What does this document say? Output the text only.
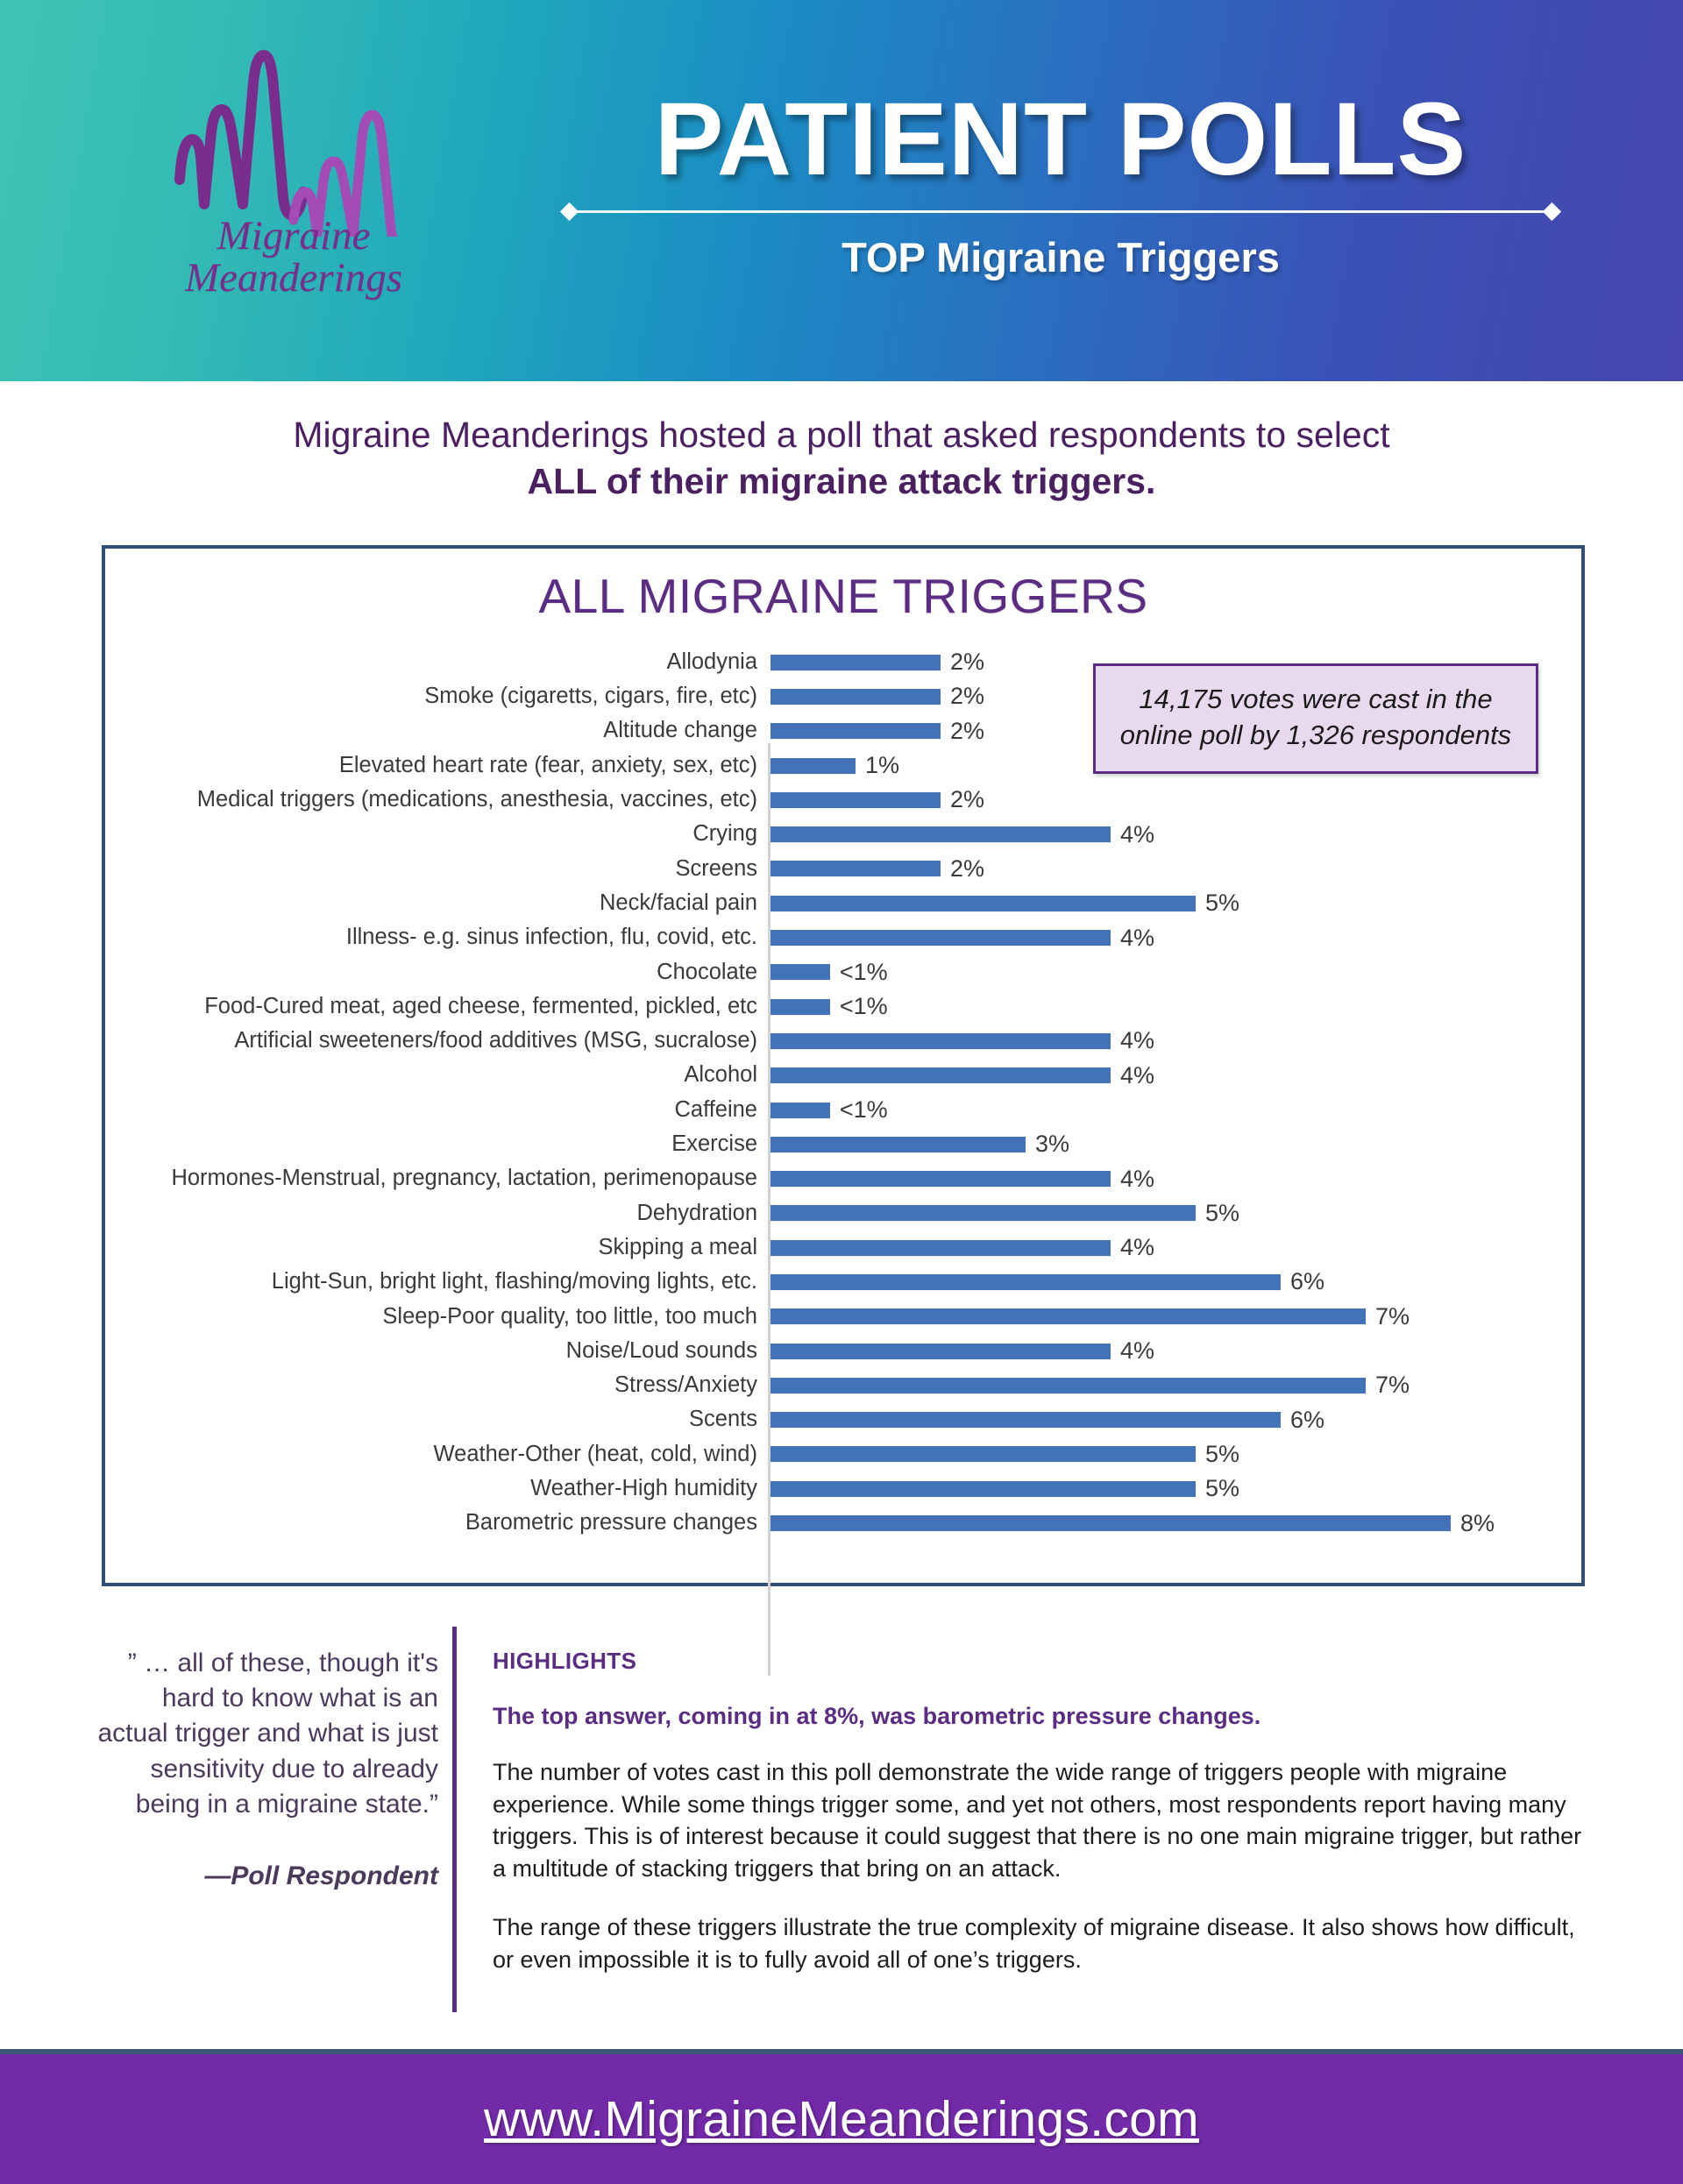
Migraine
Meanderings
PATIENT POLLS
TOP Migraine Triggers
Migraine Meanderings hosted a poll that asked respondents to select
ALL of their migraine attack triggers.
ALL MIGRAINE TRIGGERS
14,175 votes were cast in the online poll by 1,326 respondents
Allodynia	2%
Smoke (cigaretts, cigars, fire, etc)	2%
Altitude change	2%
Elevated heart rate (fear, anxiety, sex, etc)	1%
Medical triggers (medications, anesthesia, vaccines, etc)	2%
Crying	4%
Screens	2%
Neck/facial pain	5%
Illness- e.g. sinus infection, flu, covid, etc.	4%
Chocolate	<1%
Food-Cured meat, aged cheese, fermented, pickled, etc	<1%
Artificial sweeteners/food additives (MSG, sucralose)	4%
Alcohol	4%
Caffeine	<1%
Exercise	3%
Hormones-Menstrual, pregnancy, lactation, perimenopause	4%
Dehydration	5%
Skipping a meal	4%
Light-Sun, bright light, flashing/moving lights, etc.	6%
Sleep-Poor quality, too little, too much	7%
Noise/Loud sounds	4%
Stress/Anxiety	7%
Scents	6%
Weather-Other (heat, cold, wind)	5%
Weather-High humidity	5%
Barometric pressure changes	8%
” … all of these, though it's hard to know what is an actual trigger and what is just sensitivity due to already being in a migraine state.”
—Poll Respondent
HIGHLIGHTS
The top answer, coming in at 8%, was barometric pressure changes.
The number of votes cast in this poll demonstrate the wide range of triggers people with migraine experience. While some things trigger some, and yet not others, most respondents report having many triggers. This is of interest because it could suggest that there is no one main migraine trigger, but rather a multitude of stacking triggers that bring on an attack.
The range of these triggers illustrate the true complexity of migraine disease. It also shows how difficult, or even impossible it is to fully avoid all of one’s triggers.
www.MigraineMeanderings.com
